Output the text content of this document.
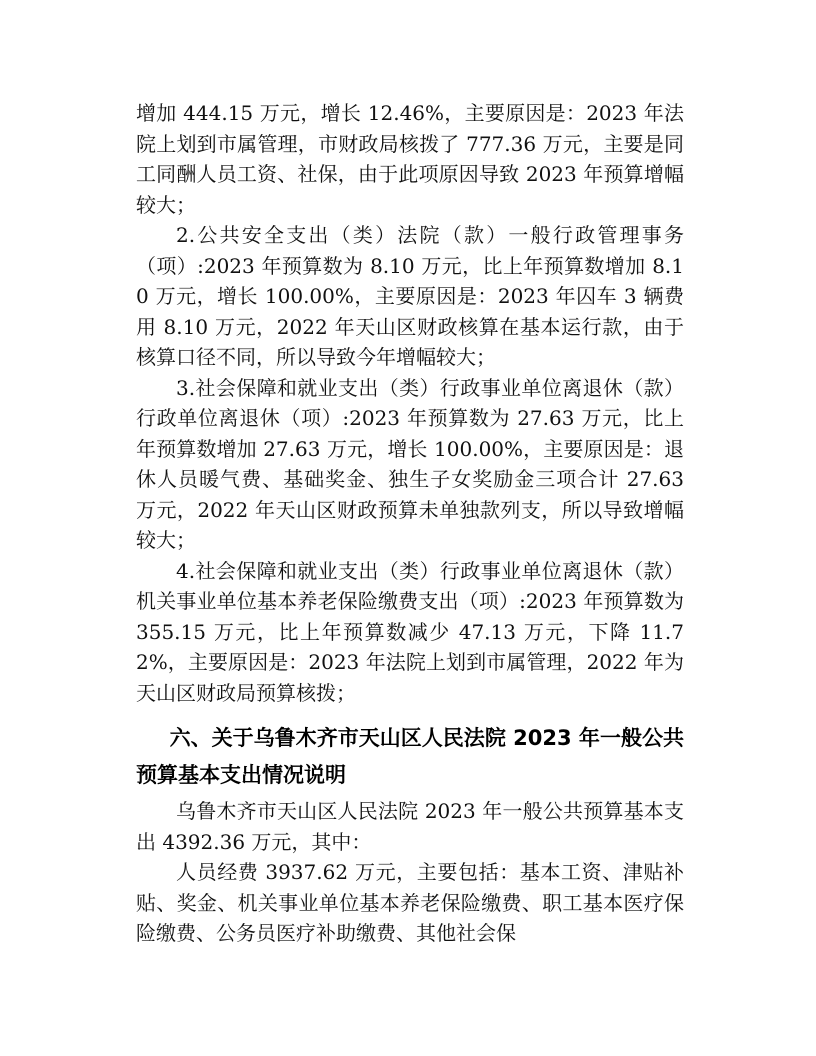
增加 444.15 万元，增长 12.46%，主要原因是：2023 年法院上划到市属管理，市财政局核拨了 777.36 万元，主要是同工同酬人员工资、社保，由于此项原因导致 2023 年预算增幅较大；

2.公共安全支出（类）法院（款）一般行政管理事务（项）:2023 年预算数为 8.10 万元，比上年预算数增加 8.10 万元，增长 100.00%，主要原因是：2023 年囚车 3 辆费用 8.10 万元，2022 年天山区财政核算在基本运行款，由于核算口径不同，所以导致今年增幅较大；

3.社会保障和就业支出（类）行政事业单位离退休（款）行政单位离退休（项）:2023 年预算数为 27.63 万元，比上年预算数增加 27.63 万元，增长 100.00%，主要原因是：退休人员暖气费、基础奖金、独生子女奖励金三项合计 27.63 万元，2022 年天山区财政预算未单独款列支，所以导致增幅较大；

4.社会保障和就业支出（类）行政事业单位离退休（款）机关事业单位基本养老保险缴费支出（项）:2023 年预算数为 355.15 万元，比上年预算数减少 47.13 万元，下降 11.72%，主要原因是：2023 年法院上划到市属管理，2022 年为天山区财政局预算核拨；

六、关于乌鲁木齐市天山区人民法院 2023 年一般公共预算基本支出情况说明

乌鲁木齐市天山区人民法院 2023 年一般公共预算基本支出 4392.36 万元，其中：

人员经费 3937.62 万元，主要包括：基本工资、津贴补贴、奖金、机关事业单位基本养老保险缴费、职工基本医疗保险缴费、公务员医疗补助缴费、其他社会保
